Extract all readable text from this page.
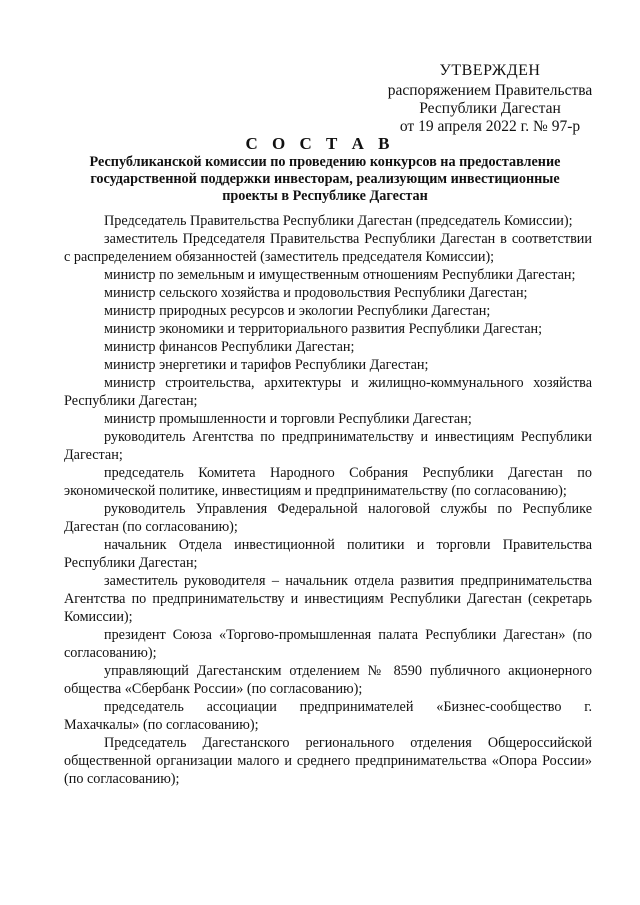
УТВЕРЖДЕН
распоряжением Правительства
Республики Дагестан
от 19 апреля 2022 г. № 97-р
С О С Т А В
Республиканской комиссии по проведению конкурсов на предоставление государственной поддержки инвесторам, реализующим инвестиционные проекты в Республике Дагестан

Председатель Правительства Республики Дагестан (председатель Комиссии);

заместитель Председателя Правительства Республики Дагестан в соответствии с распределением обязанностей (заместитель председателя Комиссии);

министр по земельным и имущественным отношениям Республики Дагестан;

министр сельского хозяйства и продовольствия Республики Дагестан;

министр природных ресурсов и экологии Республики Дагестан;

министр экономики и территориального развития Республики Дагестан;

министр финансов Республики Дагестан;

министр энергетики и тарифов Республики Дагестан;

министр строительства, архитектуры и жилищно-коммунального хозяйства Республики Дагестан;

министр промышленности и торговли Республики Дагестан;

руководитель Агентства по предпринимательству и инвестициям Республики Дагестан;

председатель Комитета Народного Собрания Республики Дагестан по экономической политике, инвестициям и предпринимательству (по согласованию);

руководитель Управления Федеральной налоговой службы по Республике Дагестан (по согласованию);

начальник Отдела инвестиционной политики и торговли Правительства Республики Дагестан;

заместитель руководителя – начальник отдела развития предпринимательства Агентства по предпринимательству и инвестициям Республики Дагестан (секретарь Комиссии);

президент Союза «Торгово-промышленная палата Республики Дагестан» (по согласованию);

управляющий Дагестанским отделением № 8590 публичного акционерного общества «Сбербанк России» (по согласованию);

председатель ассоциации предпринимателей «Бизнес-сообщество г. Махачкалы» (по согласованию);

Председатель Дагестанского регионального отделения Общероссийской общественной организации малого и среднего предпринимательства «Опора России» (по согласованию);
